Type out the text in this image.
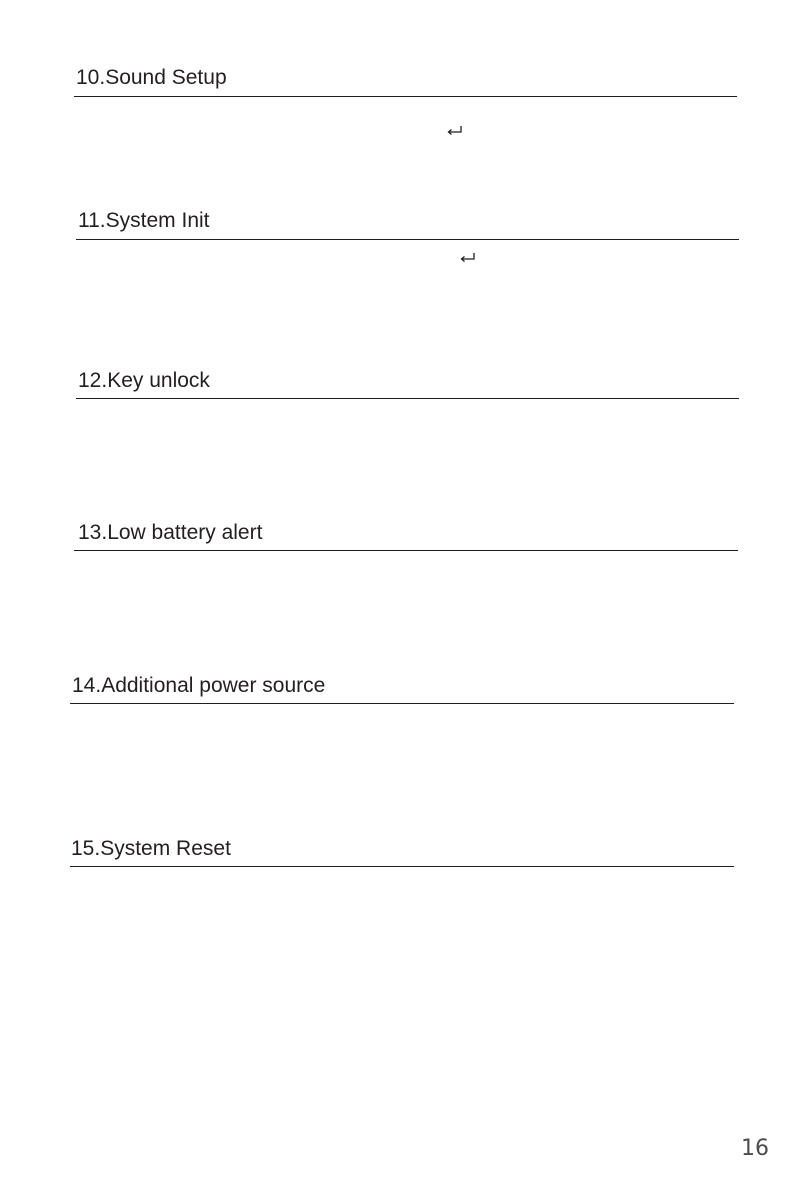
10.Sound Setup
11.System Init
12.Key unlock
13.Low battery alert
14.Additional power source
15.System Reset
16
